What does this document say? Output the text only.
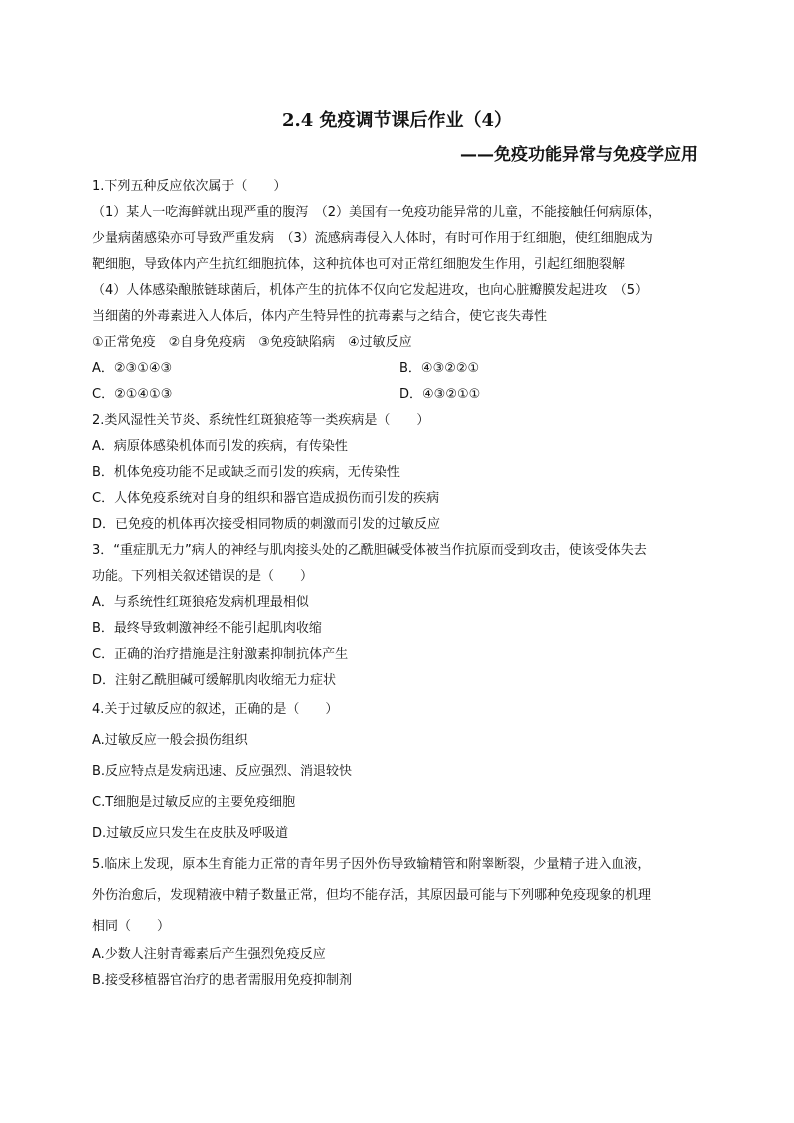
2.4 免疫调节课后作业（4）
——免疫功能异常与免疫学应用
1.下列五种反应依次属于（　　）
（1）某人一吃海鲜就出现严重的腹泻　（2）美国有一免疫功能异常的儿童，不能接触任何病原体，
少量病菌感染亦可导致严重发病　（3）流感病毒侵入人体时，有时可作用于红细胞，使红细胞成为
靶细胞，导致体内产生抗红细胞抗体，这种抗体也可对正常红细胞发生作用，引起红细胞裂解
（4）人体感染酿脓链球菌后，机体产生的抗体不仅向它发起进攻，也向心脏瓣膜发起进攻　（5）
当细菌的外毒素进入人体后，体内产生特异性的抗毒素与之结合，使它丧失毒性
①正常免疫　②自身免疫病　③免疫缺陷病　④过敏反应
A．②③①④③	B．④③②②①
C．②①④①③	D．④③②①①
2.类风湿性关节炎、系统性红斑狼疮等一类疾病是（　　）
A．病原体感染机体而引发的疾病，有传染性
B．机体免疫功能不足或缺乏而引发的疾病，无传染性
C．人体免疫系统对自身的组织和器官造成损伤而引发的疾病
D．已免疫的机体再次接受相同物质的刺激而引发的过敏反应
3．“重症肌无力”病人的神经与肌肉接头处的乙酰胆碱受体被当作抗原而受到攻击，使该受体失去
功能。下列相关叙述错误的是（　　）
A．与系统性红斑狼疮发病机理最相似
B．最终导致刺激神经不能引起肌肉收缩
C．正确的治疗措施是注射激素抑制抗体产生
D．注射乙酰胆碱可缓解肌肉收缩无力症状
4.关于过敏反应的叙述，正确的是（　　）
A.过敏反应一般会损伤组织
B.反应特点是发病迅速、反应强烈、消退较快
C.T细胞是过敏反应的主要免疫细胞
D.过敏反应只发生在皮肤及呼吸道
5.临床上发现，原本生育能力正常的青年男子因外伤导致输精管和附睾断裂，少量精子进入血液，
外伤治愈后，发现精液中精子数量正常，但均不能存活，其原因最可能与下列哪种免疫现象的机理
相同（　　）
A.少数人注射青霉素后产生强烈免疫反应
B.接受移植器官治疗的患者需服用免疫抑制剂
